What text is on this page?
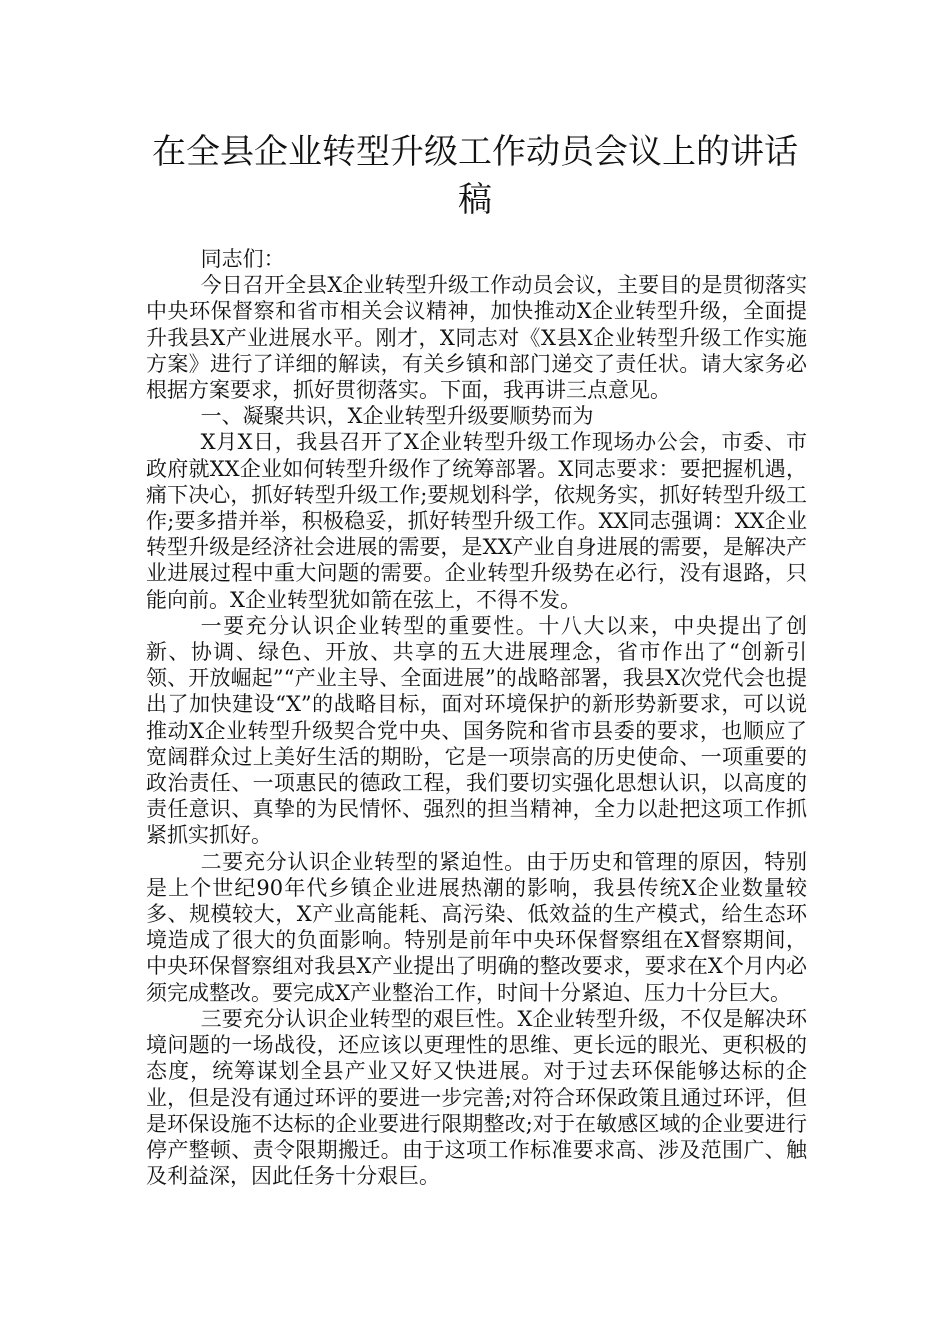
在全县企业转型升级工作动员会议上的讲话稿

同志们：

今日召开全县X企业转型升级工作动员会议，主要目的是贯彻落实中央环保督察和省市相关会议精神，加快推动X企业转型升级，全面提升我县X产业进展水平。刚才，X同志对《X县X企业转型升级工作实施方案》进行了详细的解读，有关乡镇和部门递交了责任状。请大家务必根据方案要求，抓好贯彻落实。下面，我再讲三点意见。

一、凝聚共识，X企业转型升级要顺势而为

X月X日，我县召开了X企业转型升级工作现场办公会，市委、市政府就XX企业如何转型升级作了统筹部署。X同志要求：要把握机遇，痛下决心，抓好转型升级工作;要规划科学，依规务实，抓好转型升级工作;要多措并举，积极稳妥，抓好转型升级工作。XX同志强调：XX企业转型升级是经济社会进展的需要，是XX产业自身进展的需要，是解决产业进展过程中重大问题的需要。企业转型升级势在必行，没有退路，只能向前。X企业转型犹如箭在弦上，不得不发。

一要充分认识企业转型的重要性。十八大以来，中央提出了创新、协调、绿色、开放、共享的五大进展理念，省市作出了“创新引领、开放崛起”“产业主导、全面进展”的战略部署，我县X次党代会也提出了加快建设“X”的战略目标，面对环境保护的新形势新要求，可以说推动X企业转型升级契合党中央、国务院和省市县委的要求，也顺应了宽阔群众过上美好生活的期盼，它是一项崇高的历史使命、一项重要的政治责任、一项惠民的德政工程，我们要切实强化思想认识，以高度的责任意识、真挚的为民情怀、强烈的担当精神，全力以赴把这项工作抓紧抓实抓好。

二要充分认识企业转型的紧迫性。由于历史和管理的原因，特别是上个世纪90年代乡镇企业进展热潮的影响，我县传统X企业数量较多、规模较大，X产业高能耗、高污染、低效益的生产模式，给生态环境造成了很大的负面影响。特别是前年中央环保督察组在X督察期间，中央环保督察组对我县X产业提出了明确的整改要求，要求在X个月内必须完成整改。要完成X产业整治工作，时间十分紧迫、压力十分巨大。

三要充分认识企业转型的艰巨性。X企业转型升级，不仅是解决环境问题的一场战役，还应该以更理性的思维、更长远的眼光、更积极的态度，统筹谋划全县产业又好又快进展。对于过去环保能够达标的企业，但是没有通过环评的要进一步完善;对符合环保政策且通过环评，但是环保设施不达标的企业要进行限期整改;对于在敏感区域的企业要进行停产整顿、责令限期搬迁。由于这项工作标准要求高、涉及范围广、触及利益深，因此任务十分艰巨。
